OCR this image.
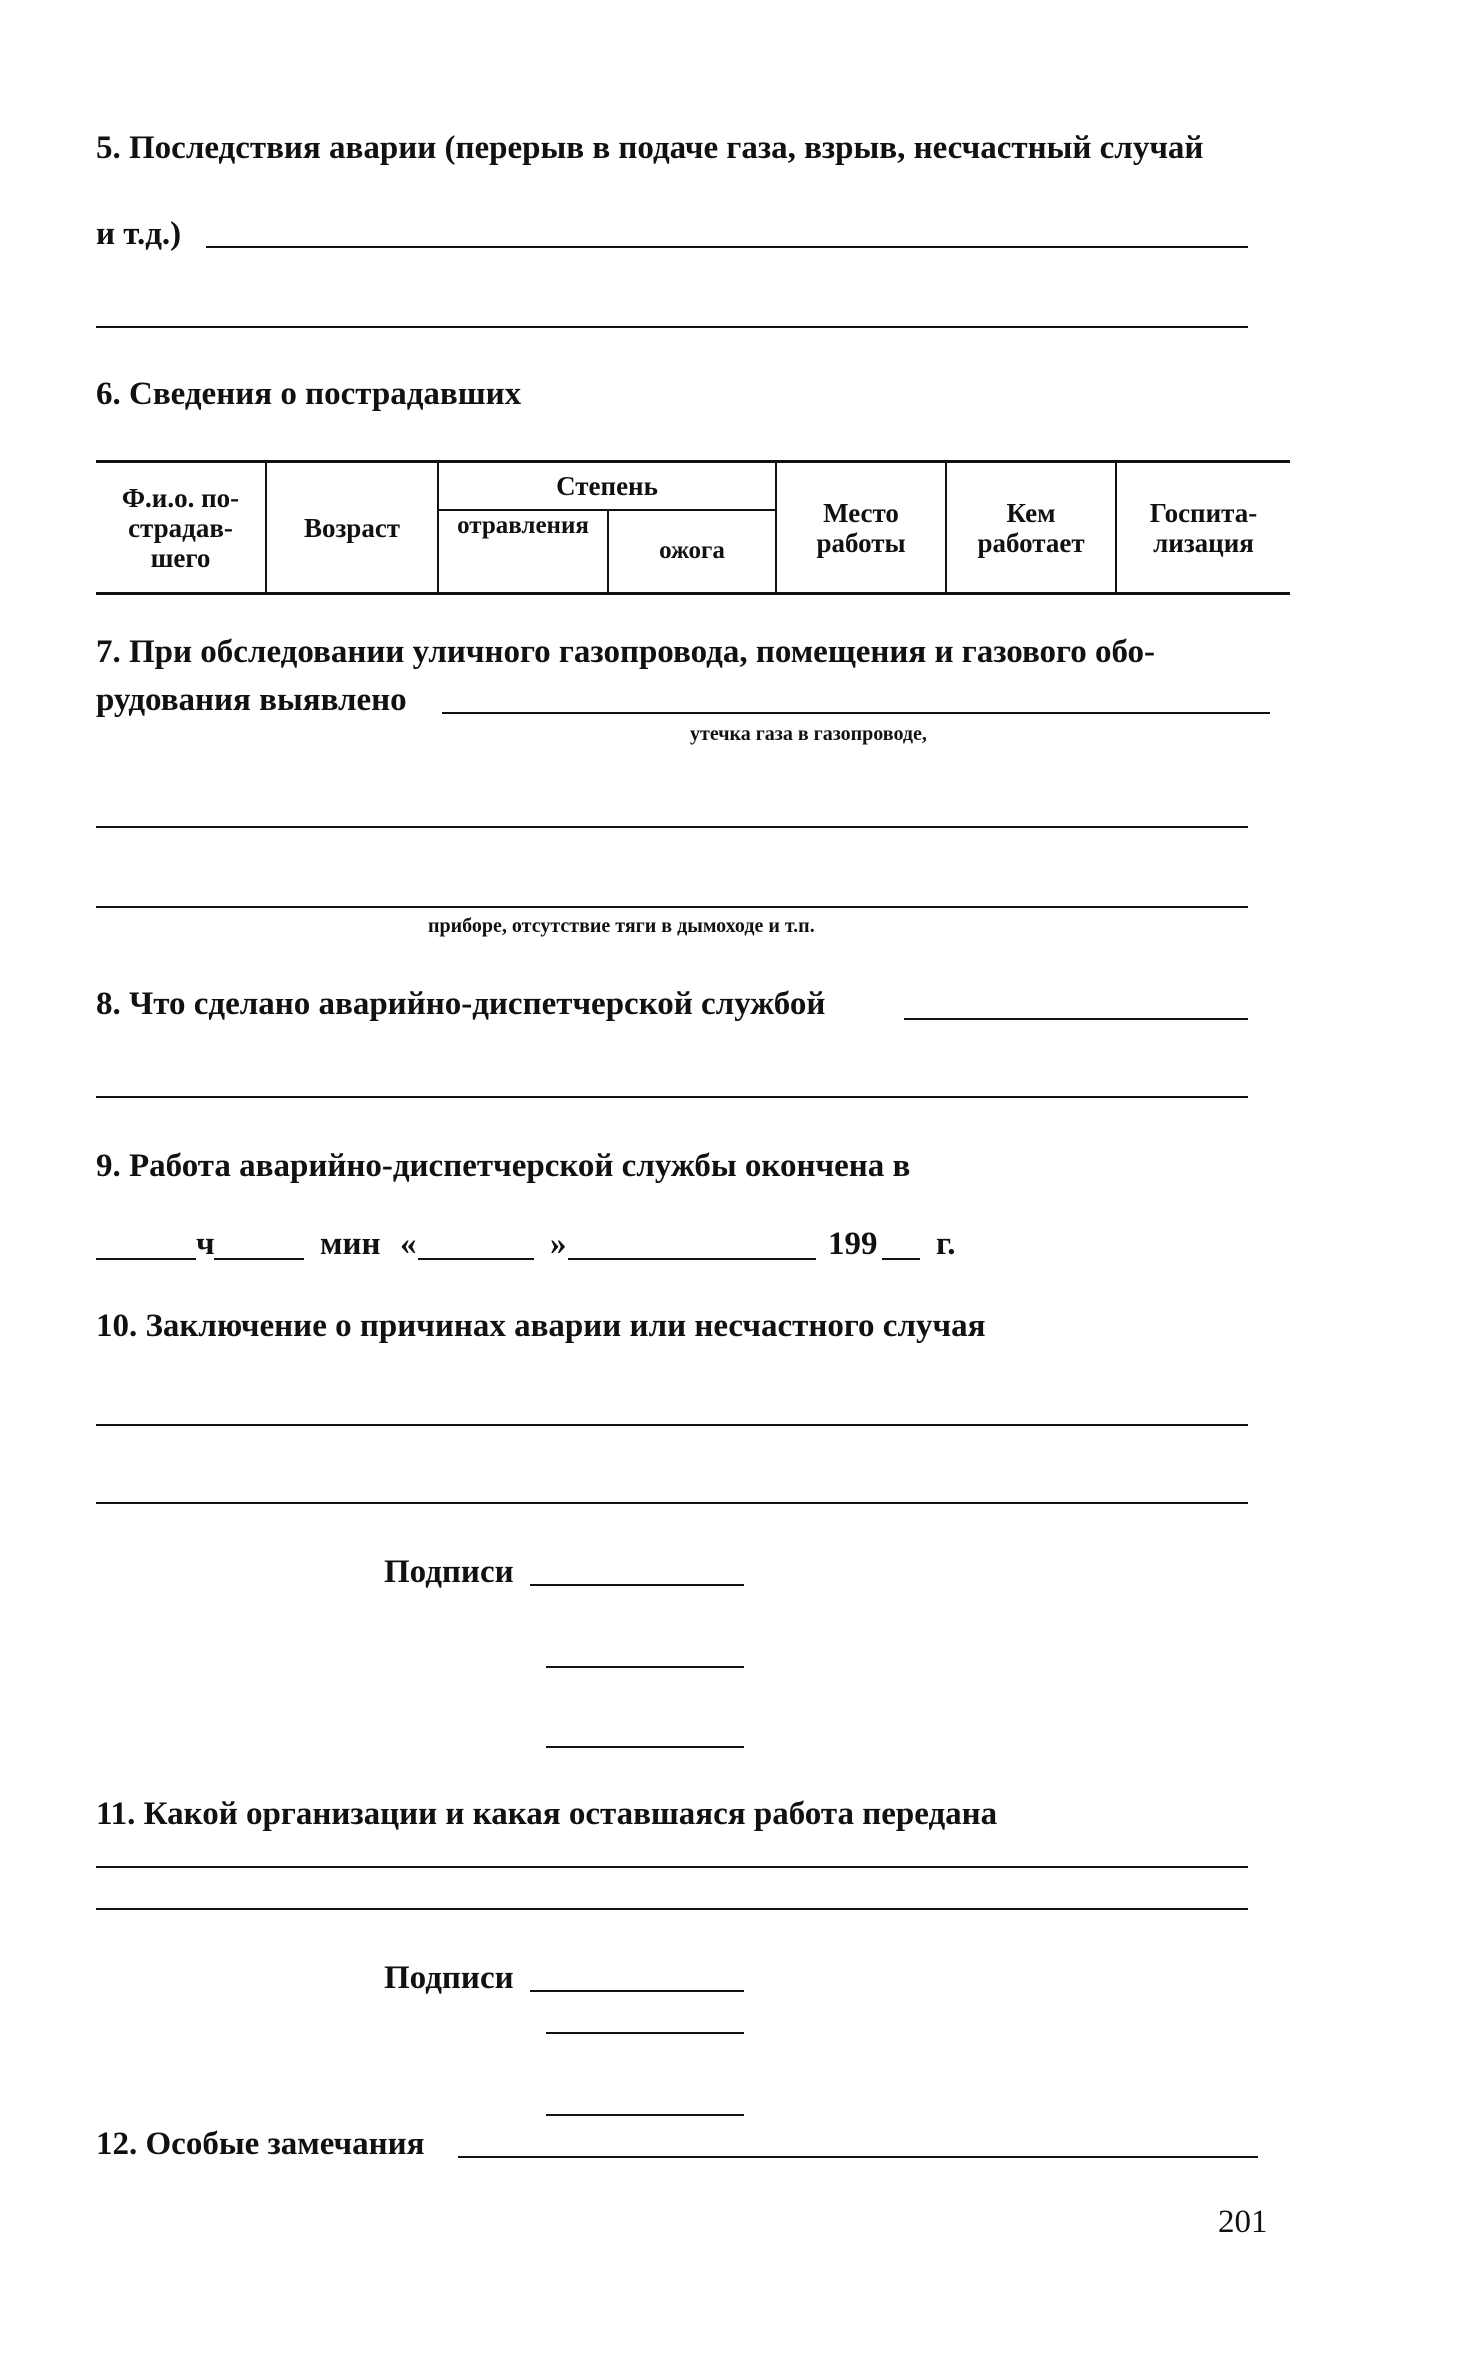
5. Последствия аварии (перерыв в подаче газа, взрыв, несчастный случай
и т.д.)
6. Сведения о пострадавших
Ф.и.о. по-страдав-шего	Возраст	Степень		Место работы	Кем работает	Госпита-лизация
		отравления	ожога			
7. При обследовании уличного газопровода, помещения и газового обо-
рудования выявлено
утечка газа в газопроводе,
приборе, отсутствие тяги в дымоходе и т.п.
8. Что сделано аварийно-диспетчерской службой
9. Работа аварийно-диспетчерской службы окончена в
ч	мин «	»	199 г.
10. Заключение о причинах аварии или несчастного случая
Подписи
11. Какой организации и какая оставшаяся работа передана
Подписи
12. Особые замечания
201
